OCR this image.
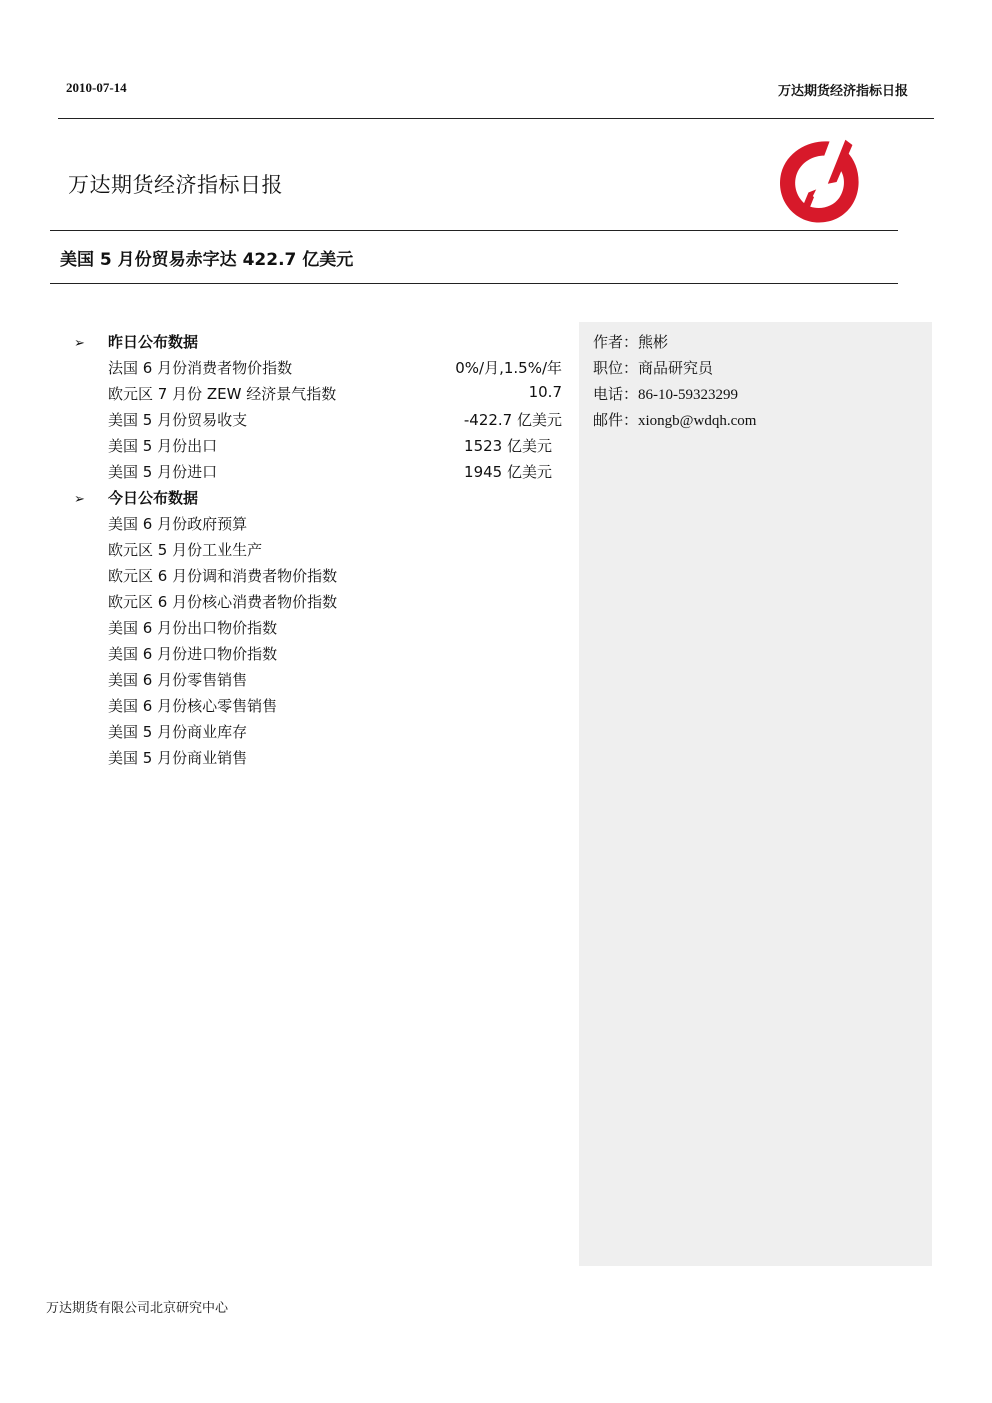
2010-07-14	万达期货经济指标日报
万达期货经济指标日报
美国 5 月份贸易赤字达 422.7 亿美元
➢ 昨日公布数据
法国 6 月份消费者物价指数	0%/月,1.5%/年
欧元区 7 月份 ZEW 经济景气指数	10.7
美国 5 月份贸易收支	-422.7 亿美元
美国 5 月份出口	1523 亿美元
美国 5 月份进口	1945 亿美元
➢ 今日公布数据
美国 6 月份政府预算
欧元区 5 月份工业生产
欧元区 6 月份调和消费者物价指数
欧元区 6 月份核心消费者物价指数
美国 6 月份出口物价指数
美国 6 月份进口物价指数
美国 6 月份零售销售
美国 6 月份核心零售销售
美国 5 月份商业库存
美国 5 月份商业销售
作者：熊彬
职位：商品研究员
电话：86-10-59323299
邮件：xiongb@wdqh.com
万达期货有限公司北京研究中心
